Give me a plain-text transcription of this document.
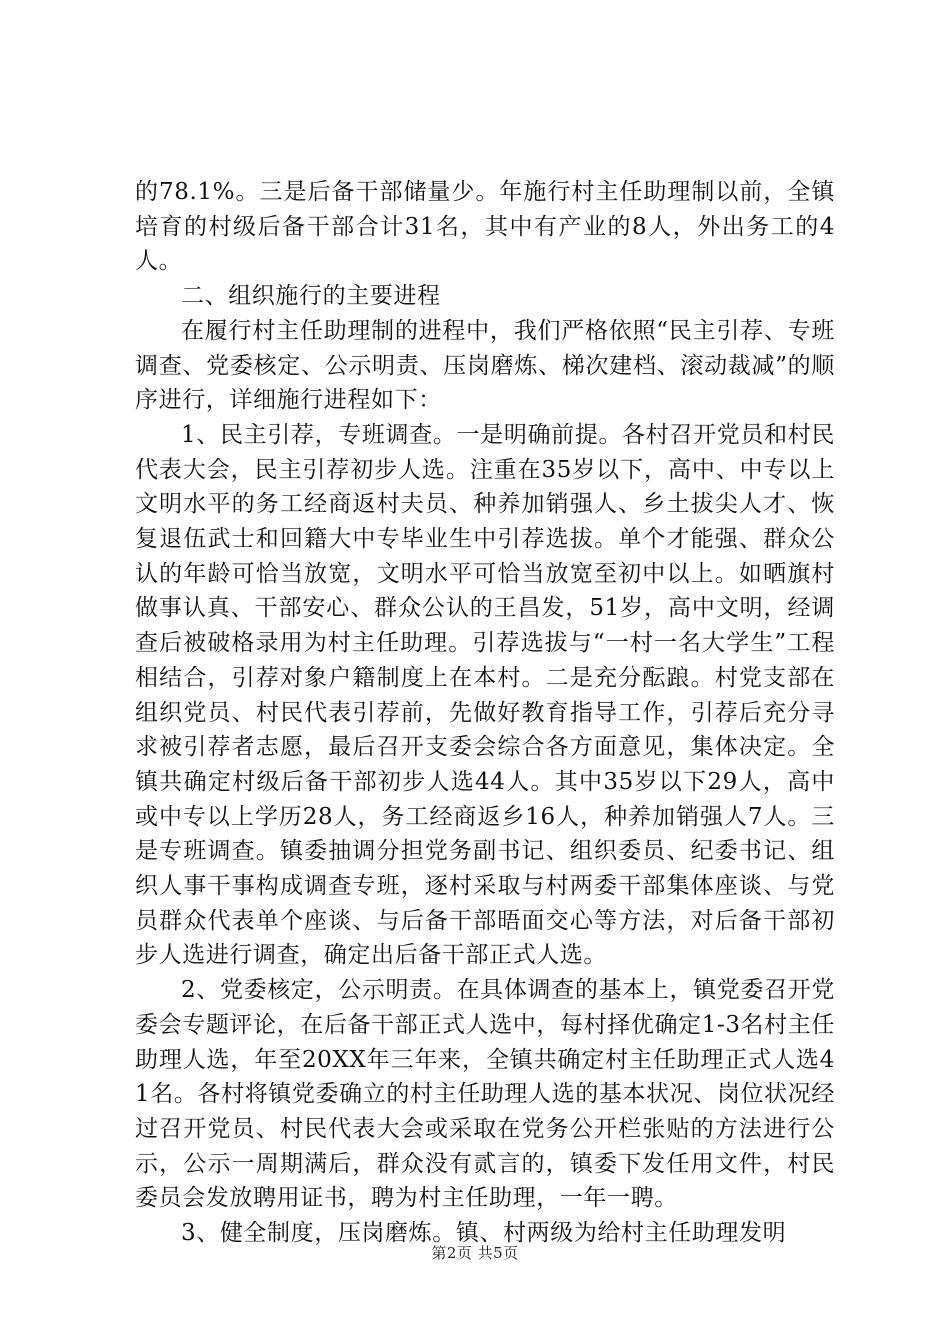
的78.1%。三是后备干部储量少。年施行村主任助理制以前，全镇培育的村级后备干部合计31名，其中有产业的8人，外出务工的4人。

二、组织施行的主要进程

在履行村主任助理制的进程中，我们严格依照“民主引荐、专班调查、党委核定、公示明责、压岗磨炼、梯次建档、滚动裁减”的顺序进行，详细施行进程如下：

1、民主引荐，专班调查。一是明确前提。各村召开党员和村民代表大会，民主引荐初步人选。注重在35岁以下，高中、中专以上文明水平的务工经商返村夫员、种养加销强人、乡土拔尖人才、恢复退伍武士和回籍大中专毕业生中引荐选拔。单个才能强、群众公认的年龄可恰当放宽，文明水平可恰当放宽至初中以上。如晒旗村做事认真、干部安心、群众公认的王昌发，51岁，高中文明，经调查后被破格录用为村主任助理。引荐选拔与“一村一名大学生”工程相结合，引荐对象户籍制度上在本村。二是充分酝踉。村党支部在组织党员、村民代表引荐前，先做好教育指导工作，引荐后充分寻求被引荐者志愿，最后召开支委会综合各方面意见，集体决定。全镇共确定村级后备干部初步人选44人。其中35岁以下29人，高中或中专以上学历28人，务工经商返乡16人，种养加销强人7人。三是专班调查。镇委抽调分担党务副书记、组织委员、纪委书记、组织人事干事构成调查专班，逐村采取与村两委干部集体座谈、与党员群众代表单个座谈、与后备干部晤面交心等方法，对后备干部初步人选进行调查，确定出后备干部正式人选。

2、党委核定，公示明责。在具体调查的基本上，镇党委召开党委会专题评论，在后备干部正式人选中，每村择优确定1-3名村主任助理人选，年至20XX年三年来，全镇共确定村主任助理正式人选41名。各村将镇党委确立的村主任助理人选的基本状况、岗位状况经过召开党员、村民代表大会或采取在党务公开栏张贴的方法进行公示，公示一周期满后，群众没有贰言的，镇委下发任用文件，村民委员会发放聘用证书，聘为村主任助理，一年一聘。

3、健全制度，压岗磨炼。镇、村两级为给村主任助理发明

第2页 共5页
